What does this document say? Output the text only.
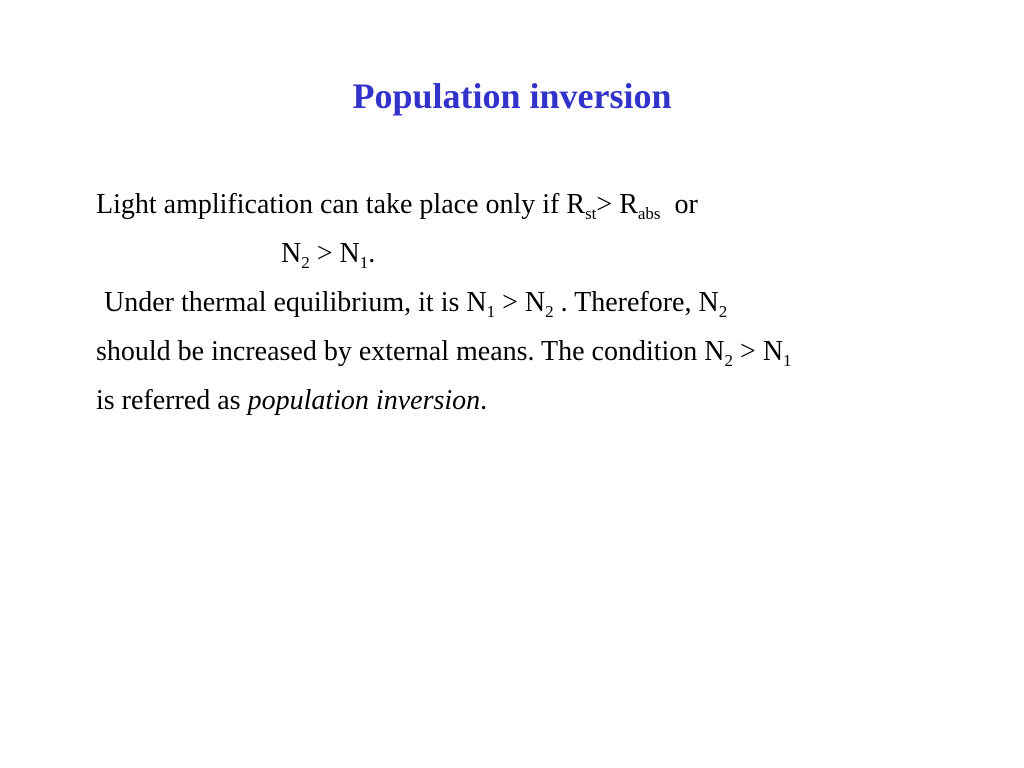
Population inversion
Light amplification can take place only if $R_{st}> R_{abs}$  or
$N_2 > N_1$.
Under thermal equilibrium, it is $N_1 > N_2$ . Therefore, $N_2$
should be increased by external means. The condition $N_2 > N_1$
is referred as population inversion.
